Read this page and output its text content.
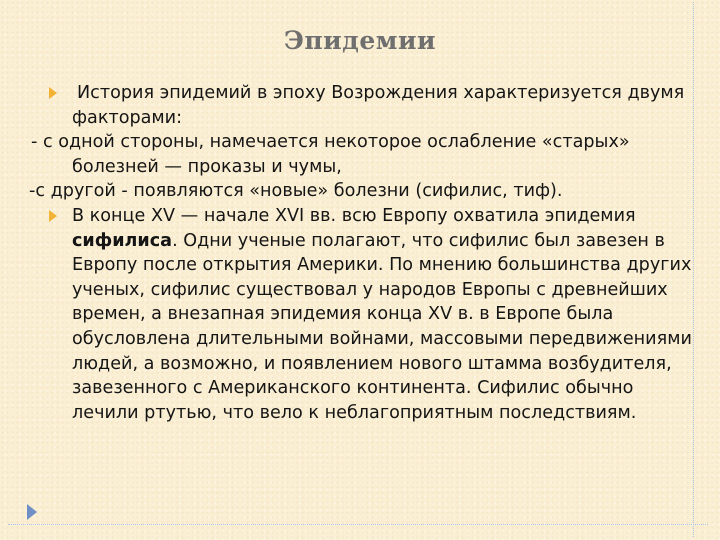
Эпидемии
История эпидемий в эпоху Возрождения характеризуется двумя факторами:
- с одной стороны, намечается некоторое ослабление «старых» болезней — проказы и чумы,
-с другой - появляются «новые» болезни (сифилис, тиф).
В конце XV — начале XVI вв. всю Европу охватила эпидемия сифилиса. Одни ученые полагают, что сифилис был завезен в Европу после открытия Америки. По мнению большинства других ученых, сифилис существовал у народов Европы с древнейших времен, а внезапная эпидемия конца XV в. в Европе была обусловлена длительными войнами, массовыми передвижениями людей, а возможно, и появлением нового штамма возбудителя, завезенного с Американского континента. Сифилис обычно лечили ртутью, что вело к неблагоприятным последствиям.
